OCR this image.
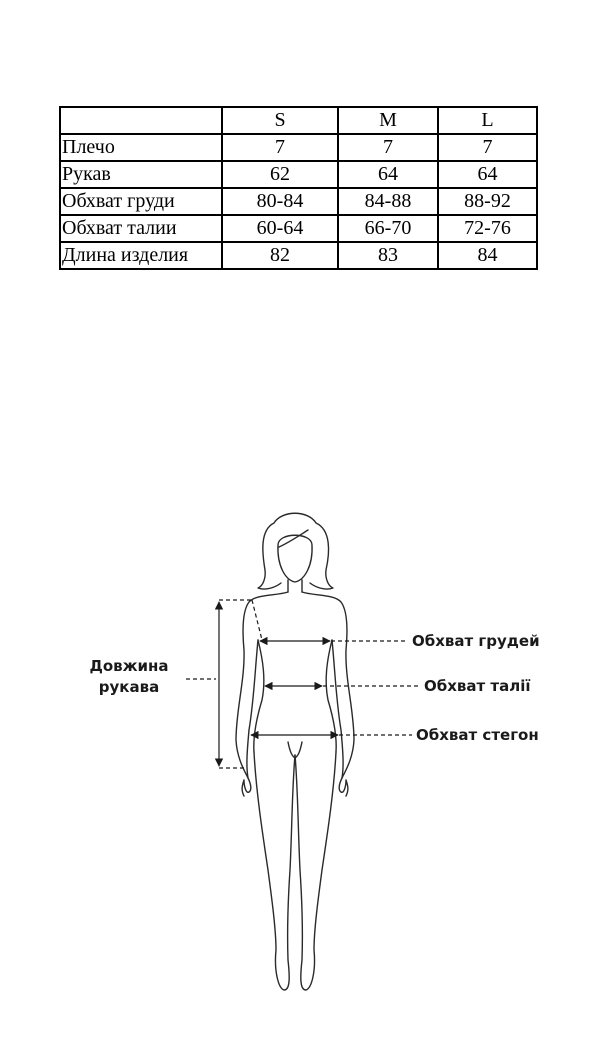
	S	M	L
Плечо	7	7	7
Рукав	62	64	64
Обхват груди	80-84	84-88	88-92
Обхват талии	60-64	66-70	72-76
Длина изделия	82	83	84
Довжина
рукава
Обхват грудей
Обхват талії
Обхват стегон
